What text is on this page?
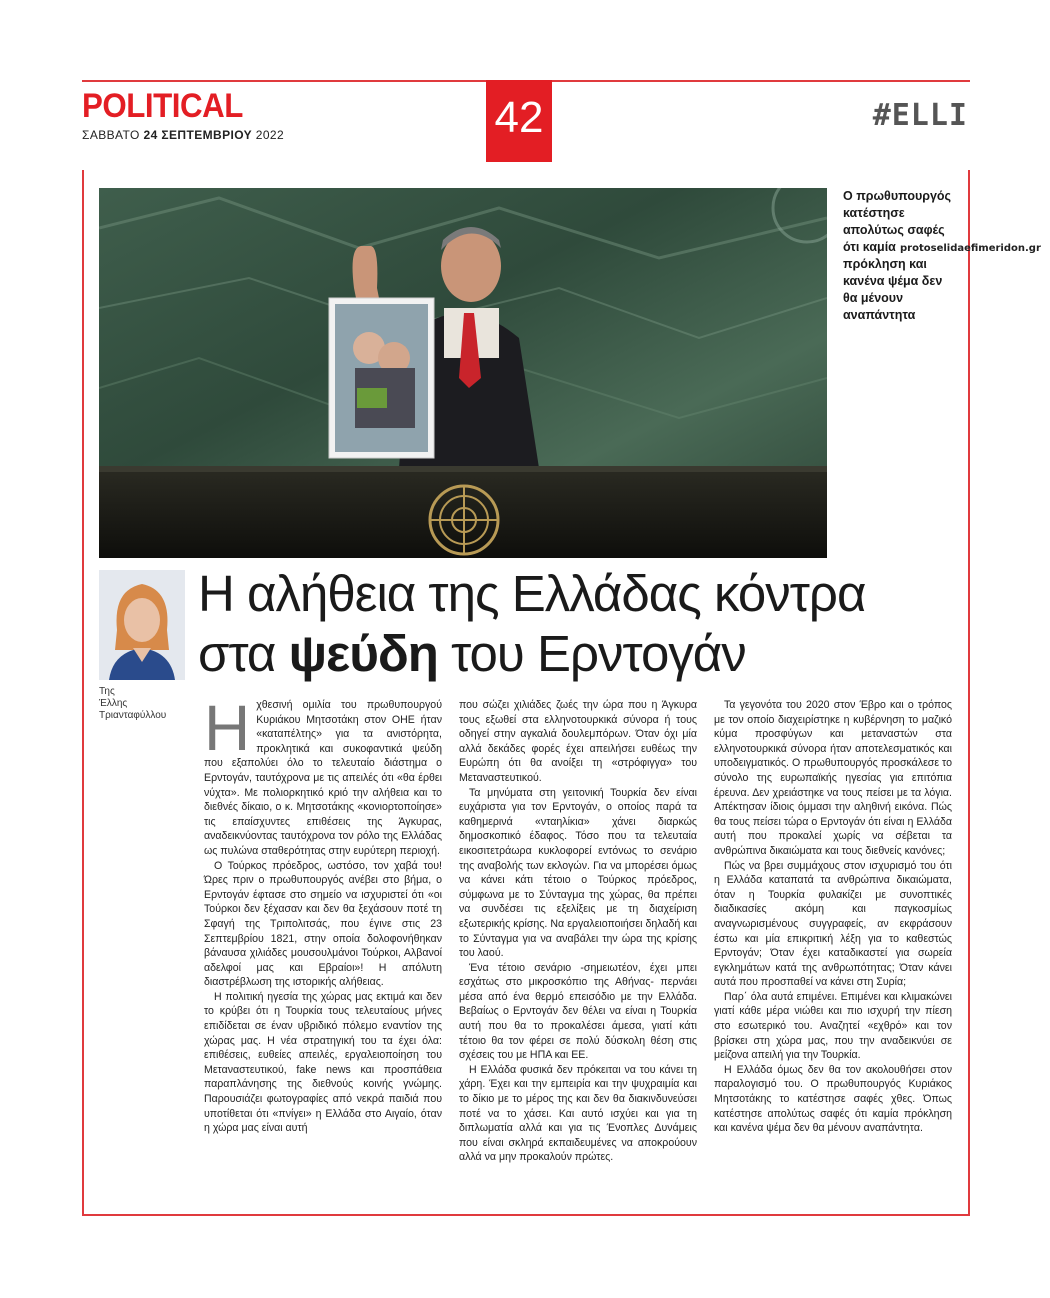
POLITICAL
ΣΑΒΒΑΤΟ 24 ΣΕΠΤΕΜΒΡΙΟΥ 2022	42	#ELLI
Ο πρωθυπουργός κατέστησε απολύτως σαφές ότι καμία πρόκληση και κανένα ψέμα δεν θα μένουν αναπάντητα
protoselidaefimeridon.gr
Της
Έλλης
Τριανταφύλλου
Η αλήθεια της Ελλάδας κόντρα
στα ψεύδη του Ερντογάν
Η χθεσινή ομιλία του πρωθυπουργού Κυριάκου Μητσοτάκη στον ΟΗΕ ήταν «καταπέλτης» για τα ανιστόρητα, προκλητικά και συκοφαντικά ψεύδη που εξαπολύει όλο το τελευταίο διάστημα ο Ερντογάν, ταυτόχρονα με τις απειλές ότι «θα έρθει νύχτα». Με πολιορκητικό κριό την αλήθεια και το διεθνές δίκαιο, ο κ. Μητσοτάκης «κονιορτοποίησε» τις επαίσχυντες επιθέσεις της Άγκυρας, αναδεικνύοντας ταυτόχρονα τον ρόλο της Ελλάδας ως πυλώνα σταθερότητας στην ευρύτερη περιοχή.

Ο Τούρκος πρόεδρος, ωστόσο, τον χαβά του! Ώρες πριν ο πρωθυπουργός ανέβει στο βήμα, ο Ερντογάν έφτασε στο σημείο να ισχυριστεί ότι «οι Τούρκοι δεν ξέχασαν και δεν θα ξεχάσουν ποτέ τη Σφαγή της Τριπολιτσάς, που έγινε στις 23 Σεπτεμβρίου 1821, στην οποία δολοφονήθηκαν βάναυσα χιλιάδες μουσουλμάνοι Τούρκοι, Αλβανοί αδελφοί μας και Εβραίοι»! Η απόλυτη διαστρέβλωση της ιστορικής αλήθειας.

Η πολιτική ηγεσία της χώρας μας εκτιμά και δεν το κρύβει ότι η Τουρκία τους τελευταίους μήνες επιδίδεται σε έναν υβριδικό πόλεμο εναντίον της χώρας μας. Η νέα στρατηγική του τα έχει όλα: επιθέσεις, ευθείες απειλές, εργαλειοποίηση του Μεταναστευτικού, fake news και προσπάθεια παραπλάνησης της διεθνούς κοινής γνώμης. Παρουσιάζει φωτογραφίες από νεκρά παιδιά που υποτίθεται ότι «πνίγει» η Ελλάδα στο Αιγαίο, όταν η χώρα μας είναι αυτή

που σώζει χιλιάδες ζωές την ώρα που η Άγκυρα τους εξωθεί στα ελληνοτουρκικά σύνορα ή τους οδηγεί στην αγκαλιά δουλεμπόρων. Όταν όχι μία αλλά δεκάδες φορές έχει απειλήσει ευθέως την Ευρώπη ότι θα ανοίξει τη «στρόφιγγα» του Μεταναστευτικού.

Τα μηνύματα στη γειτονική Τουρκία δεν είναι ευχάριστα για τον Ερντογάν, ο οποίος παρά τα καθημερινά «νταηλίκια» χάνει διαρκώς δημοσκοπικό έδαφος. Τόσο που τα τελευταία εικοσιτετράωρα κυκλοφορεί εντόνως το σενάριο της αναβολής των εκλογών. Για να μπορέσει όμως να κάνει κάτι τέτοιο ο Τούρκος πρόεδρος, σύμφωνα με το Σύνταγμα της χώρας, θα πρέπει να συνδέσει τις εξελίξεις με τη διαχείριση εξωτερικής κρίσης. Να εργαλειοποιήσει δηλαδή και το Σύνταγμα για να αναβάλει την ώρα της κρίσης του λαού.

Ένα τέτοιο σενάριο -σημειωτέον, έχει μπει εσχάτως στο μικροσκόπιο της Αθήνας- περνάει μέσα από ένα θερμό επεισόδιο με την Ελλάδα. Βεβαίως ο Ερντογάν δεν θέλει να είναι η Τουρκία αυτή που θα το προκαλέσει άμεσα, γιατί κάτι τέτοιο θα τον φέρει σε πολύ δύσκολη θέση στις σχέσεις του με ΗΠΑ και ΕΕ.

Η Ελλάδα φυσικά δεν πρόκειται να του κάνει τη χάρη. Έχει και την εμπειρία και την ψυχραιμία και το δίκιο με το μέρος της και δεν θα διακινδυνεύσει ποτέ να το χάσει. Και αυτό ισχύει και για τη διπλωματία αλλά και για τις Ένοπλες Δυνάμεις που είναι σκληρά εκπαιδευμένες να αποκρούουν αλλά να μην προκαλούν πρώτες.

Τα γεγονότα του 2020 στον Έβρο και ο τρόπος με τον οποίο διαχειρίστηκε η κυβέρνηση το μαζικό κύμα προσφύγων και μεταναστών στα ελληνοτουρκικά σύνορα ήταν αποτελεσματικός και υποδειγματικός. Ο πρωθυπουργός προσκάλεσε το σύνολο της ευρωπαϊκής ηγεσίας για επιτόπια έρευνα. Δεν χρειάστηκε να τους πείσει με τα λόγια. Απέκτησαν ίδιοις όμμασι την αληθινή εικόνα. Πώς θα τους πείσει τώρα ο Ερντογάν ότι είναι η Ελλάδα αυτή που προκαλεί χωρίς να σέβεται τα ανθρώπινα δικαιώματα και τους διεθνείς κανόνες;

Πώς να βρει συμμάχους στον ισχυρισμό του ότι η Ελλάδα καταπατά τα ανθρώπινα δικαιώματα, όταν η Τουρκία φυλακίζει με συνοπτικές διαδικασίες ακόμη και παγκοσμίως αναγνωρισμένους συγγραφείς, αν εκφράσουν έστω και μία επικριτική λέξη για το καθεστώς Ερντογάν; Όταν έχει καταδικαστεί για σωρεία εγκλημάτων κατά της ανθρωπότητας; Όταν κάνει αυτά που προσπαθεί να κάνει στη Συρία;

Παρ΄ όλα αυτά επιμένει. Επιμένει και κλιμακώνει γιατί κάθε μέρα νιώθει και πιο ισχυρή την πίεση στο εσωτερικό του. Αναζητεί «εχθρό» και τον βρίσκει στη χώρα μας, που την αναδεικνύει σε μείζονα απειλή για την Τουρκία.

Η Ελλάδα όμως δεν θα τον ακολουθήσει στον παραλογισμό του. Ο πρωθυπουργός Κυριάκος Μητσοτάκης το κατέστησε σαφές χθες. Όπως κατέστησε απολύτως σαφές ότι καμία πρόκληση και κανένα ψέμα δεν θα μένουν αναπάντητα.
